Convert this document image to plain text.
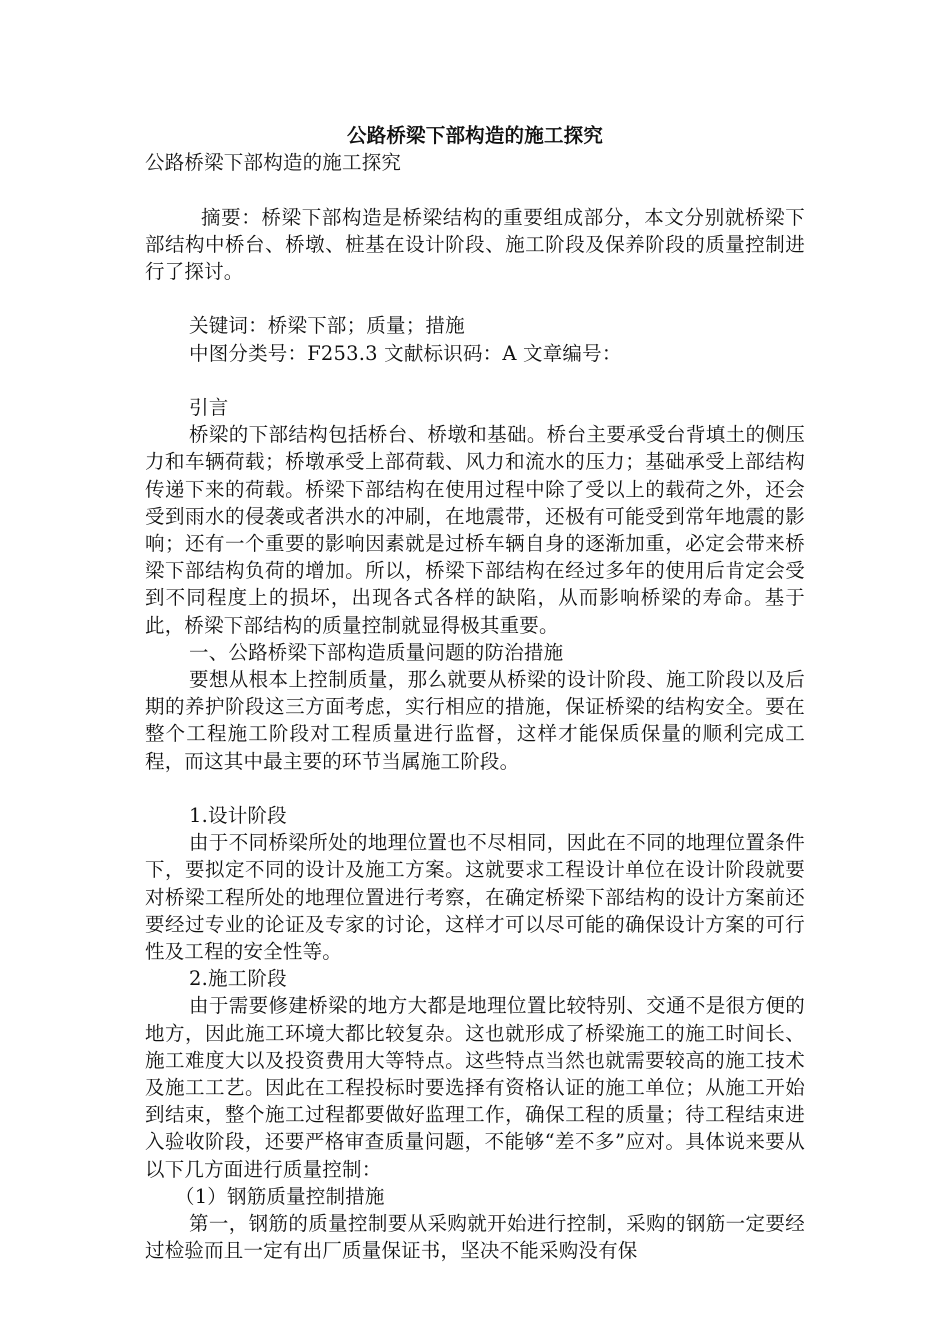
公路桥梁下部构造的施工探究

公路桥梁下部构造的施工探究

摘要：桥梁下部构造是桥梁结构的重要组成部分，本文分别就桥梁下部结构中桥台、桥墩、桩基在设计阶段、施工阶段及保养阶段的质量控制进行了探讨。

关键词：桥梁下部；质量；措施

中图分类号：F253.3 文献标识码：A 文章编号：

引言

桥梁的下部结构包括桥台、桥墩和基础。桥台主要承受台背填土的侧压力和车辆荷载；桥墩承受上部荷载、风力和流水的压力；基础承受上部结构传递下来的荷载。桥梁下部结构在使用过程中除了受以上的载荷之外，还会受到雨水的侵袭或者洪水的冲刷，在地震带，还极有可能受到常年地震的影响；还有一个重要的影响因素就是过桥车辆自身的逐渐加重，必定会带来桥梁下部结构负荷的增加。所以，桥梁下部结构在经过多年的使用后肯定会受到不同程度上的损坏，出现各式各样的缺陷，从而影响桥梁的寿命。基于此，桥梁下部结构的质量控制就显得极其重要。

一、公路桥梁下部构造质量问题的防治措施

要想从根本上控制质量，那么就要从桥梁的设计阶段、施工阶段以及后期的养护阶段这三方面考虑，实行相应的措施，保证桥梁的结构安全。要在整个工程施工阶段对工程质量进行监督，这样才能保质保量的顺利完成工程，而这其中最主要的环节当属施工阶段。

1.设计阶段

由于不同桥梁所处的地理位置也不尽相同，因此在不同的地理位置条件下，要拟定不同的设计及施工方案。这就要求工程设计单位在设计阶段就要对桥梁工程所处的地理位置进行考察，在确定桥梁下部结构的设计方案前还要经过专业的论证及专家的讨论，这样才可以尽可能的确保设计方案的可行性及工程的安全性等。

2.施工阶段

由于需要修建桥梁的地方大都是地理位置比较特别、交通不是很方便的地方，因此施工环境大都比较复杂。这也就形成了桥梁施工的施工时间长、施工难度大以及投资费用大等特点。这些特点当然也就需要较高的施工技术及施工工艺。因此在工程投标时要选择有资格认证的施工单位；从施工开始到结束，整个施工过程都要做好监理工作，确保工程的质量；待工程结束进入验收阶段，还要严格审查质量问题，不能够“差不多”应对。具体说来要从以下几方面进行质量控制：

（1）钢筋质量控制措施

第一，钢筋的质量控制要从采购就开始进行控制，采购的钢筋一定要经过检验而且一定有出厂质量保证书，坚决不能采购没有保
